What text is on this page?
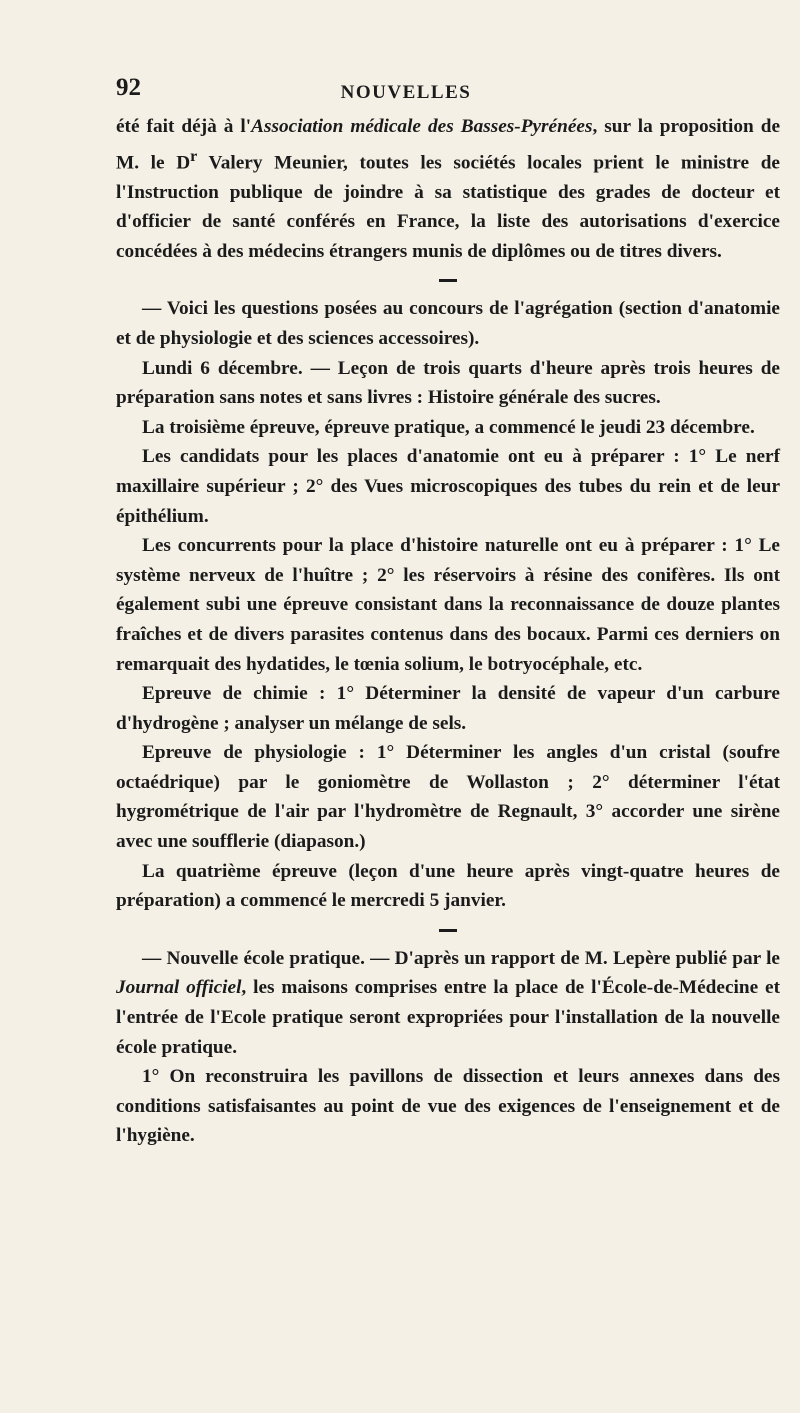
92	NOUVELLES

été fait déjà à l'Association médicale des Basses-Pyrénées, sur la proposition de M. le $D^r$ Valery Meunier, toutes les sociétés locales prient le ministre de l'Instruction publique de joindre à sa statistique des grades de docteur et d'officier de santé conférés en France, la liste des autorisations d'exercice concédées à des médecins étrangers munis de diplômes ou de titres divers.

— Voici les questions posées au concours de l'agrégation (section d'anatomie et de physiologie et des sciences accessoires).

Lundi 6 décembre. — Leçon de trois quarts d'heure après trois heures de préparation sans notes et sans livres : Histoire générale des sucres.

La troisième épreuve, épreuve pratique, a commencé le jeudi 23 décembre.

Les candidats pour les places d'anatomie ont eu à préparer : 1° Le nerf maxillaire supérieur ; 2° des Vues microscopiques des tubes du rein et de leur épithélium.

Les concurrents pour la place d'histoire naturelle ont eu à préparer : 1° Le système nerveux de l'huître ; 2° les réservoirs à résine des conifères. Ils ont également subi une épreuve consistant dans la reconnaissance de douze plantes fraîches et de divers parasites contenus dans des bocaux. Parmi ces derniers on remarquait des hydatides, le tœnia solium, le botryocéphale, etc.

Epreuve de chimie : 1° Déterminer la densité de vapeur d'un carbure d'hydrogène ; analyser un mélange de sels.

Epreuve de physiologie : 1° Déterminer les angles d'un cristal (soufre octaédrique) par le goniomètre de Wollaston ; 2° déterminer l'état hygrométrique de l'air par l'hydromètre de Regnault, 3° accorder une sirène avec une soufflerie (diapason.)

La quatrième épreuve (leçon d'une heure après vingt-quatre heures de préparation) a commencé le mercredi 5 janvier.

— Nouvelle école pratique. — D'après un rapport de M. Lepère publié par le Journal officiel, les maisons comprises entre la place de l'École-de-Médecine et l'entrée de l'Ecole pratique seront expropriées pour l'installation de la nouvelle école pratique.

1° On reconstruira les pavillons de dissection et leurs annexes dans des conditions satisfaisantes au point de vue des exigences de l'enseignement et de l'hygiène.
